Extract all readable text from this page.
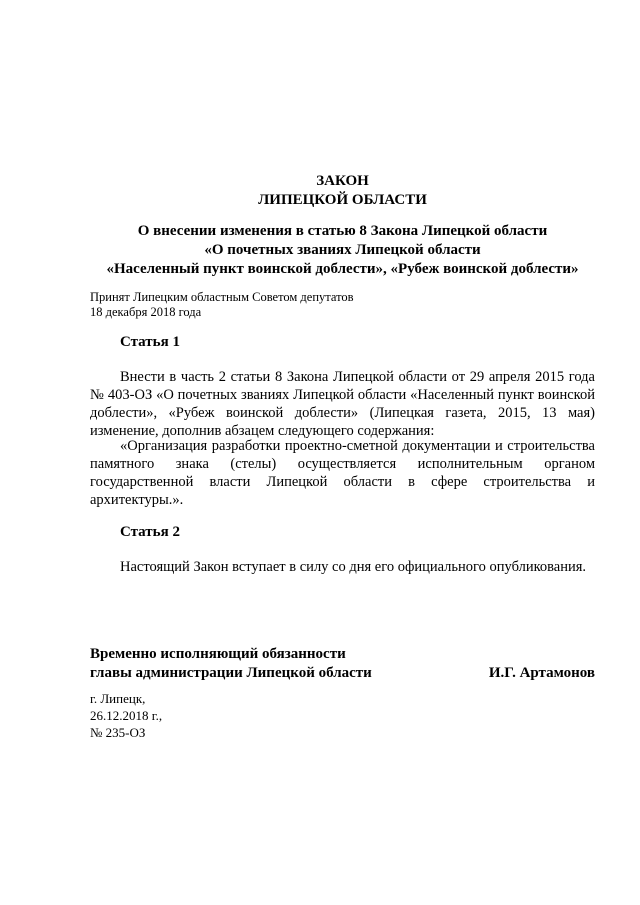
ЗАКОН
ЛИПЕЦКОЙ ОБЛАСТИ
О внесении изменения в статью 8 Закона Липецкой области
«О почетных званиях Липецкой области
«Населенный пункт воинской доблести», «Рубеж воинской доблести»
Принят Липецким областным Советом депутатов
18 декабря 2018 года
Статья 1
Внести в часть 2 статьи 8 Закона Липецкой области от 29 апреля 2015 года № 403-ОЗ «О почетных званиях Липецкой области «Населенный пункт воинской доблести», «Рубеж воинской доблести» (Липецкая газета, 2015, 13 мая) изменение, дополнив абзацем следующего содержания:
«Организация разработки проектно-сметной документации и строительства памятного знака (стелы) осуществляется исполнительным органом государственной власти Липецкой области в сфере строительства и архитектуры.».
Статья 2
Настоящий Закон вступает в силу со дня его официального опубликования.
Временно исполняющий обязанности
главы администрации Липецкой области	И.Г. Артамонов
г. Липецк,
26.12.2018 г.,
№ 235-ОЗ
